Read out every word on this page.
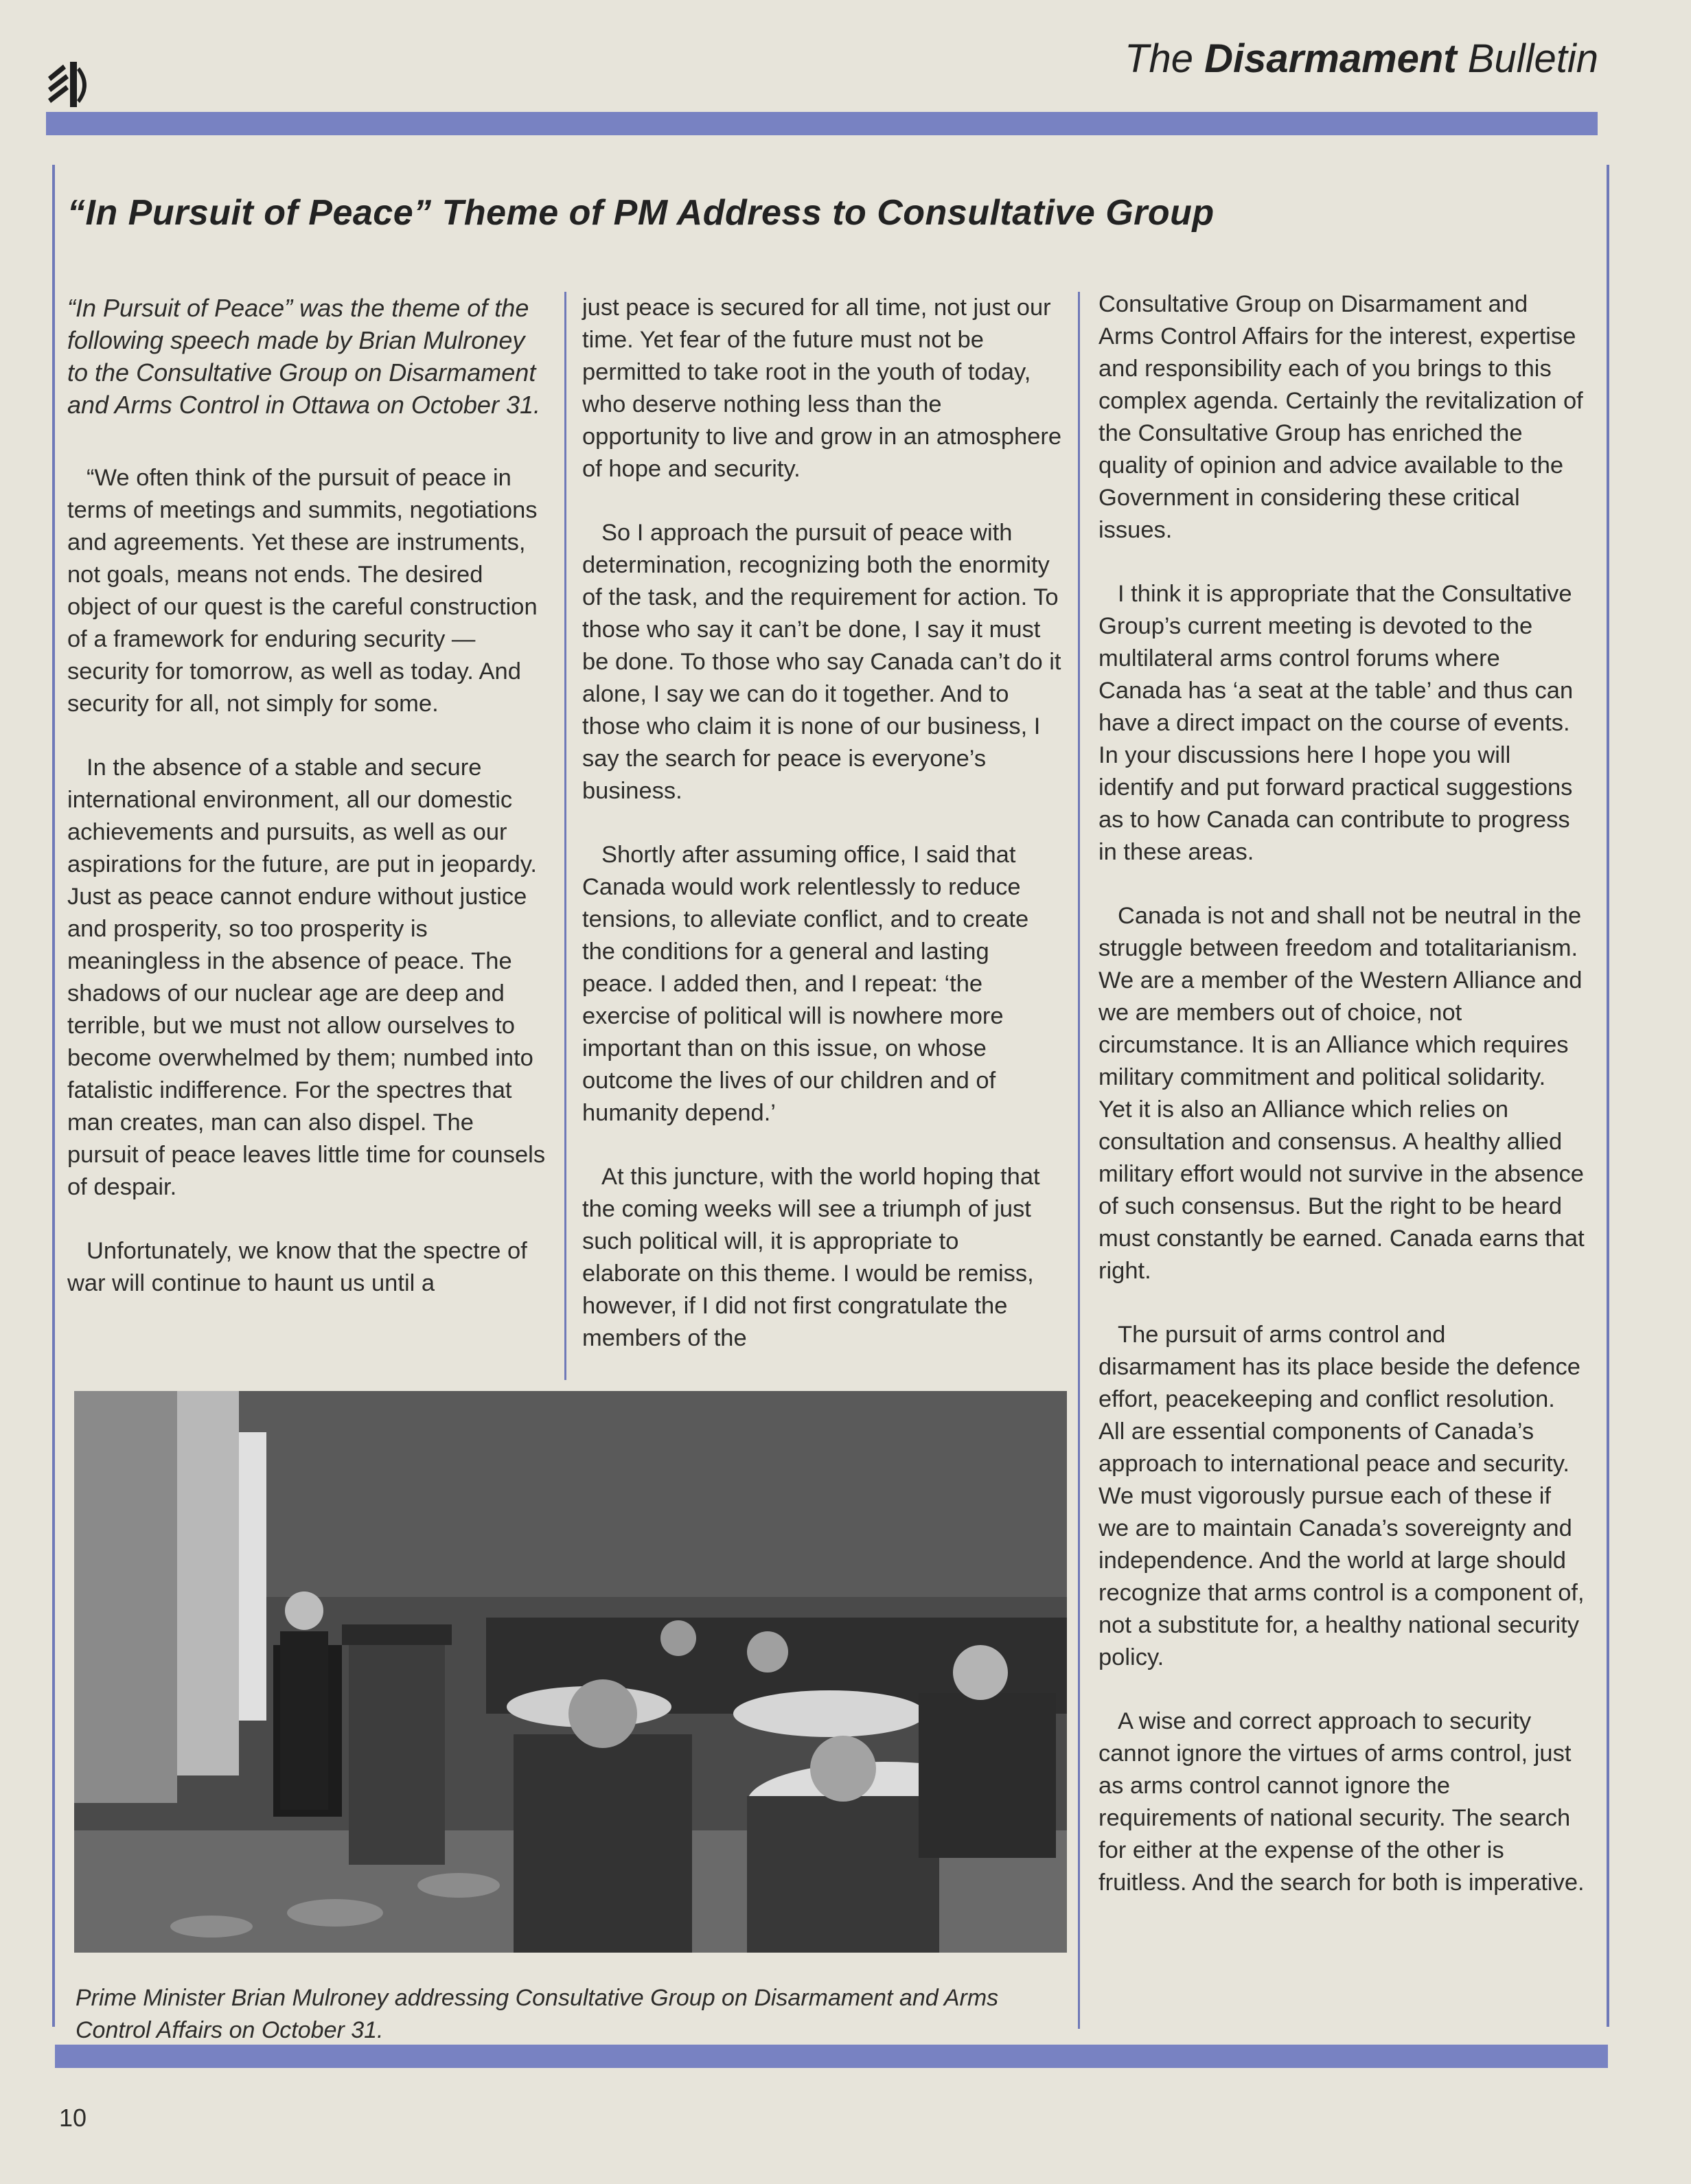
The Disarmament Bulletin
“In Pursuit of Peace” Theme of PM Address to Consultative Group

“In Pursuit of Peace” was the theme of the following speech made by Brian Mulroney to the Consultative Group on Disarmament and Arms Control in Ottawa on October 31.

“We often think of the pursuit of peace in terms of meetings and summits, negotiations and agreements. Yet these are instruments, not goals, means not ends. The desired object of our quest is the careful construction of a framework for enduring security — security for tomorrow, as well as today. And security for all, not simply for some.

In the absence of a stable and secure international environment, all our domestic achievements and pursuits, as well as our aspirations for the future, are put in jeopardy. Just as peace cannot endure without justice and prosperity, so too prosperity is meaningless in the absence of peace. The shadows of our nuclear age are deep and terrible, but we must not allow ourselves to become overwhelmed by them; numbed into fatalistic indifference. For the spectres that man creates, man can also dispel. The pursuit of peace leaves little time for counsels of despair.

Unfortunately, we know that the spectre of war will continue to haunt us until a

just peace is secured for all time, not just our time. Yet fear of the future must not be permitted to take root in the youth of today, who deserve nothing less than the opportunity to live and grow in an atmosphere of hope and security.

So I approach the pursuit of peace with determination, recognizing both the enormity of the task, and the requirement for action. To those who say it can’t be done, I say it must be done. To those who say Canada can’t do it alone, I say we can do it together. And to those who claim it is none of our business, I say the search for peace is everyone’s business.

Shortly after assuming office, I said that Canada would work relentlessly to reduce tensions, to alleviate conflict, and to create the conditions for a general and lasting peace. I added then, and I repeat: ‘the exercise of political will is nowhere more important than on this issue, on whose outcome the lives of our children and of humanity depend.’

At this juncture, with the world hoping that the coming weeks will see a triumph of just such political will, it is appropriate to elaborate on this theme. I would be remiss, however, if I did not first congratulate the members of the

Consultative Group on Disarmament and Arms Control Affairs for the interest, expertise and responsibility each of you brings to this complex agenda. Certainly the revitalization of the Consultative Group has enriched the quality of opinion and advice available to the Government in considering these critical issues.

I think it is appropriate that the Consultative Group’s current meeting is devoted to the multilateral arms control forums where Canada has ‘a seat at the table’ and thus can have a direct impact on the course of events. In your discussions here I hope you will identify and put forward practical suggestions as to how Canada can contribute to progress in these areas.

Canada is not and shall not be neutral in the struggle between freedom and totalitarianism. We are a member of the Western Alliance and we are members out of choice, not circumstance. It is an Alliance which requires military commitment and political solidarity. Yet it is also an Alliance which relies on consultation and consensus. A healthy allied military effort would not survive in the absence of such consensus. But the right to be heard must constantly be earned. Canada earns that right.

The pursuit of arms control and disarmament has its place beside the defence effort, peacekeeping and conflict resolution. All are essential components of Canada’s approach to international peace and security. We must vigorously pursue each of these if we are to maintain Canada’s sovereignty and independence. And the world at large should recognize that arms control is a component of, not a substitute for, a healthy national security policy.

A wise and correct approach to security cannot ignore the virtues of arms control, just as arms control cannot ignore the requirements of national security. The search for either at the expense of the other is fruitless. And the search for both is imperative.

Prime Minister Brian Mulroney addressing Consultative Group on Disarmament and Arms Control Affairs on October 31.

10
